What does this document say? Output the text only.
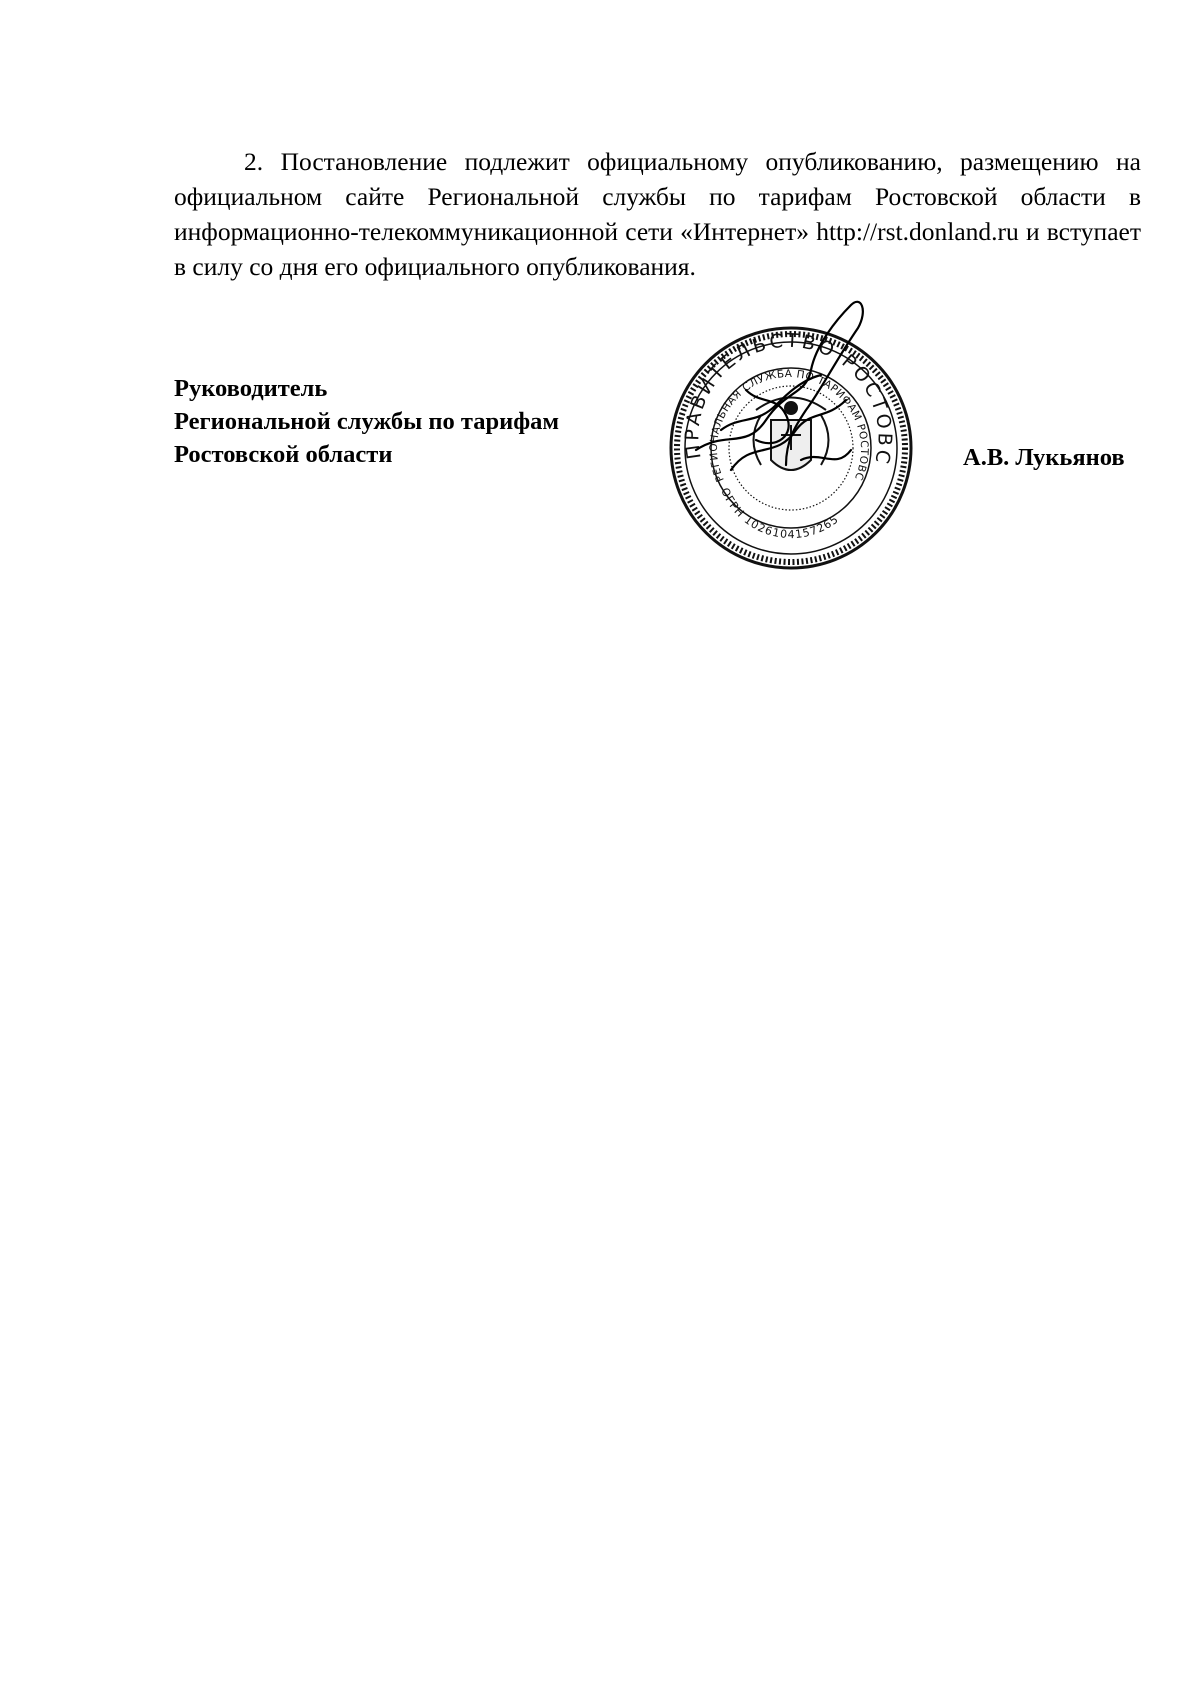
2. Постановление подлежит официальному опубликованию, размещению на официальном сайте Региональной службы по тарифам Ростовской области в информационно-телекоммуникационной сети «Интернет» http://rst.donland.ru и вступает в силу со дня его официального опубликования.

Руководитель
Региональной службы по тарифам
Ростовской области	ПРАВИТЕЛЬСТВО РОСТОВС
РЕГИОНАЛЬНАЯ СЛУЖБА ПО ТАРИФАМ РОСТОВС
ОГРН 1026104157265
А.В. Лукьянов
